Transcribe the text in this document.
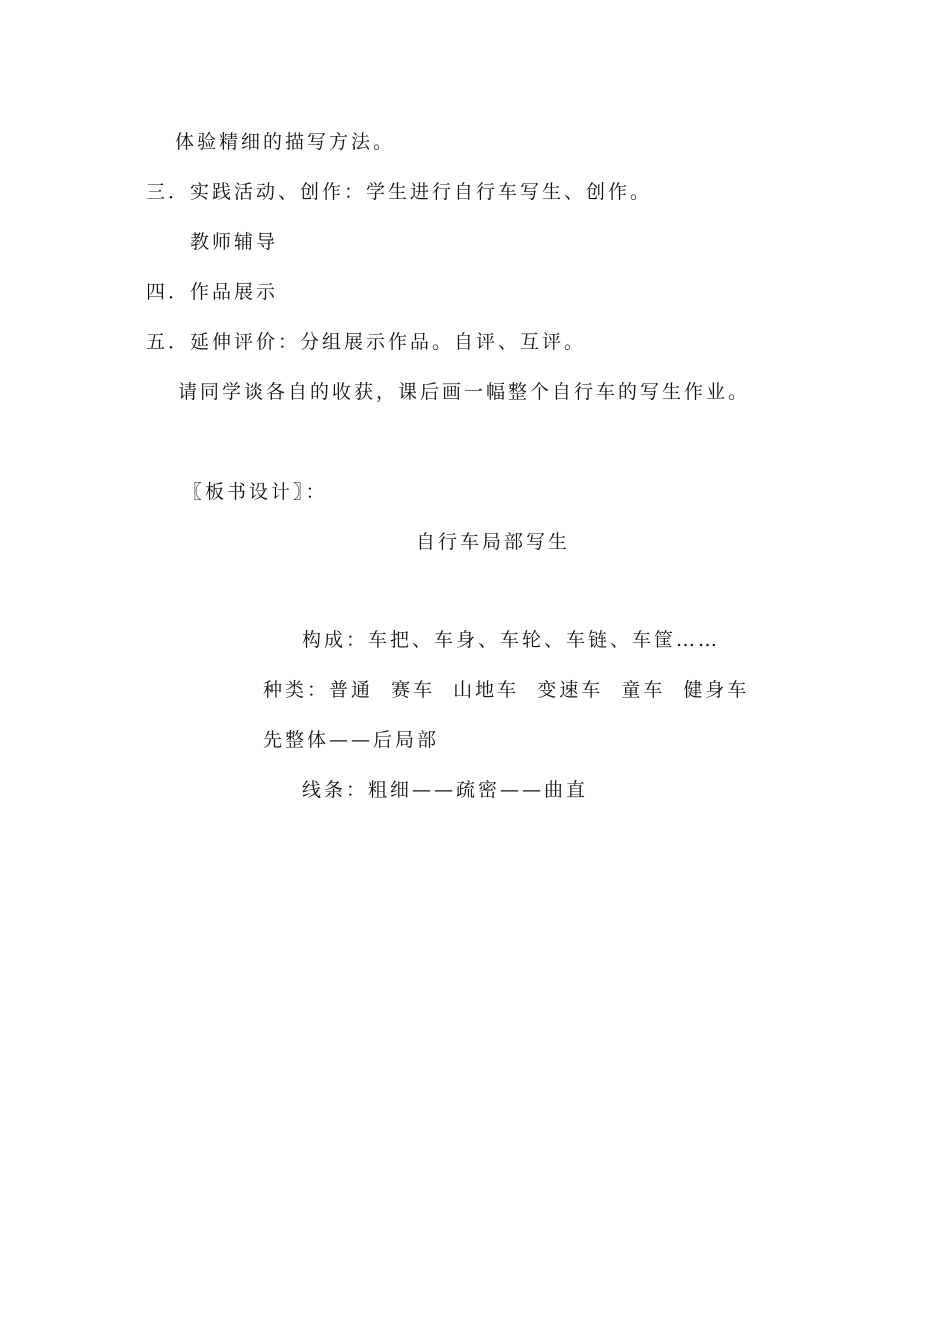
体验精细的描写方法。
三．实践活动、创作：学生进行自行车写生、创作。
教师辅导
四．作品展示
五．延伸评价：分组展示作品。自评、互评。
请同学谈各自的收获，课后画一幅整个自行车的写生作业。
〖板书设计〗：
自行车局部写生
构成：车把、车身、车轮、车链、车筐……
种类：普通  赛车  山地车  变速车  童车  健身车
先整体——后局部
线条：粗细——疏密——曲直
